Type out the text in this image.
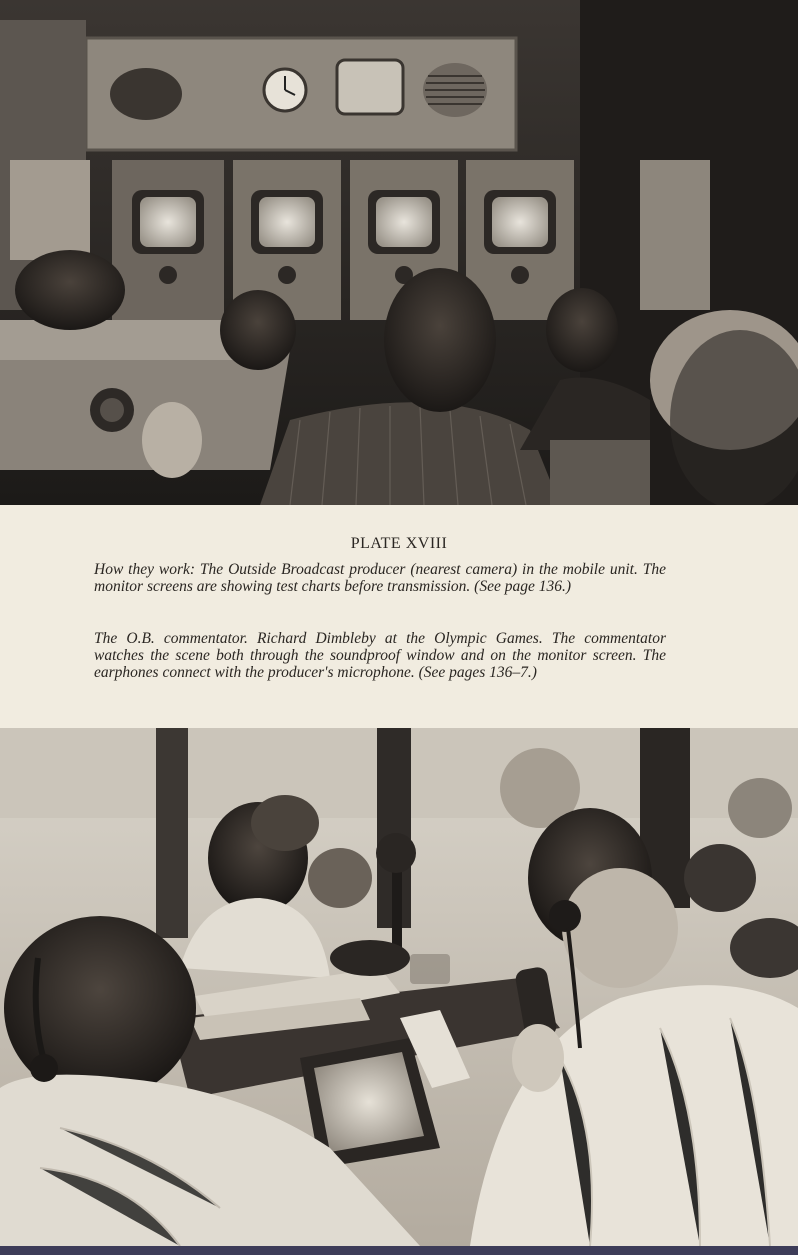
PLATE XVIII

How they work: The Outside Broadcast producer (nearest camera) in the mobile unit. The monitor screens are showing test charts before transmission. (See page 136.)

The O.B. commentator. Richard Dimbleby at the Olympic Games. The commentator watches the scene both through the soundproof window and on the monitor screen. The earphones connect with the producer's microphone. (See pages 136–7.)
